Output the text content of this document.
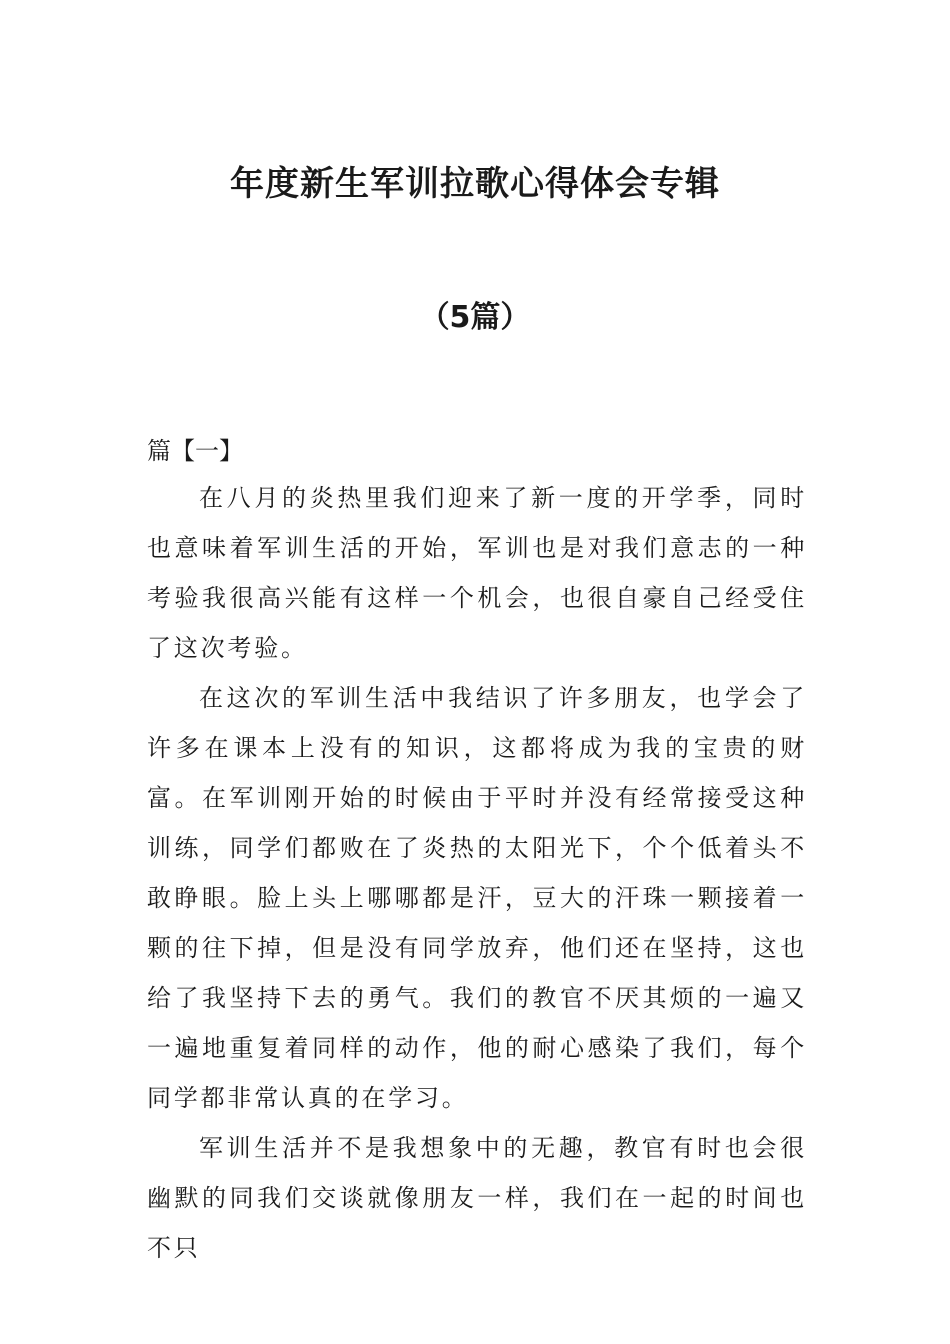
年度新生军训拉歌心得体会专辑
（5篇）
篇【一】

在八月的炎热里我们迎来了新一度的开学季，同时也意味着军训生活的开始，军训也是对我们意志的一种考验我很高兴能有这样一个机会，也很自豪自己经受住了这次考验。

在这次的军训生活中我结识了许多朋友，也学会了许多在课本上没有的知识，这都将成为我的宝贵的财富。在军训刚开始的时候由于平时并没有经常接受这种训练，同学们都败在了炎热的太阳光下，个个低着头不敢睁眼。脸上头上哪哪都是汗，豆大的汗珠一颗接着一颗的往下掉，但是没有同学放弃，他们还在坚持，这也给了我坚持下去的勇气。我们的教官不厌其烦的一遍又一遍地重复着同样的动作，他的耐心感染了我们，每个同学都非常认真的在学习。

军训生活并不是我想象中的无趣，教官有时也会很幽默的同我们交谈就像朋友一样，我们在一起的时间也不只
